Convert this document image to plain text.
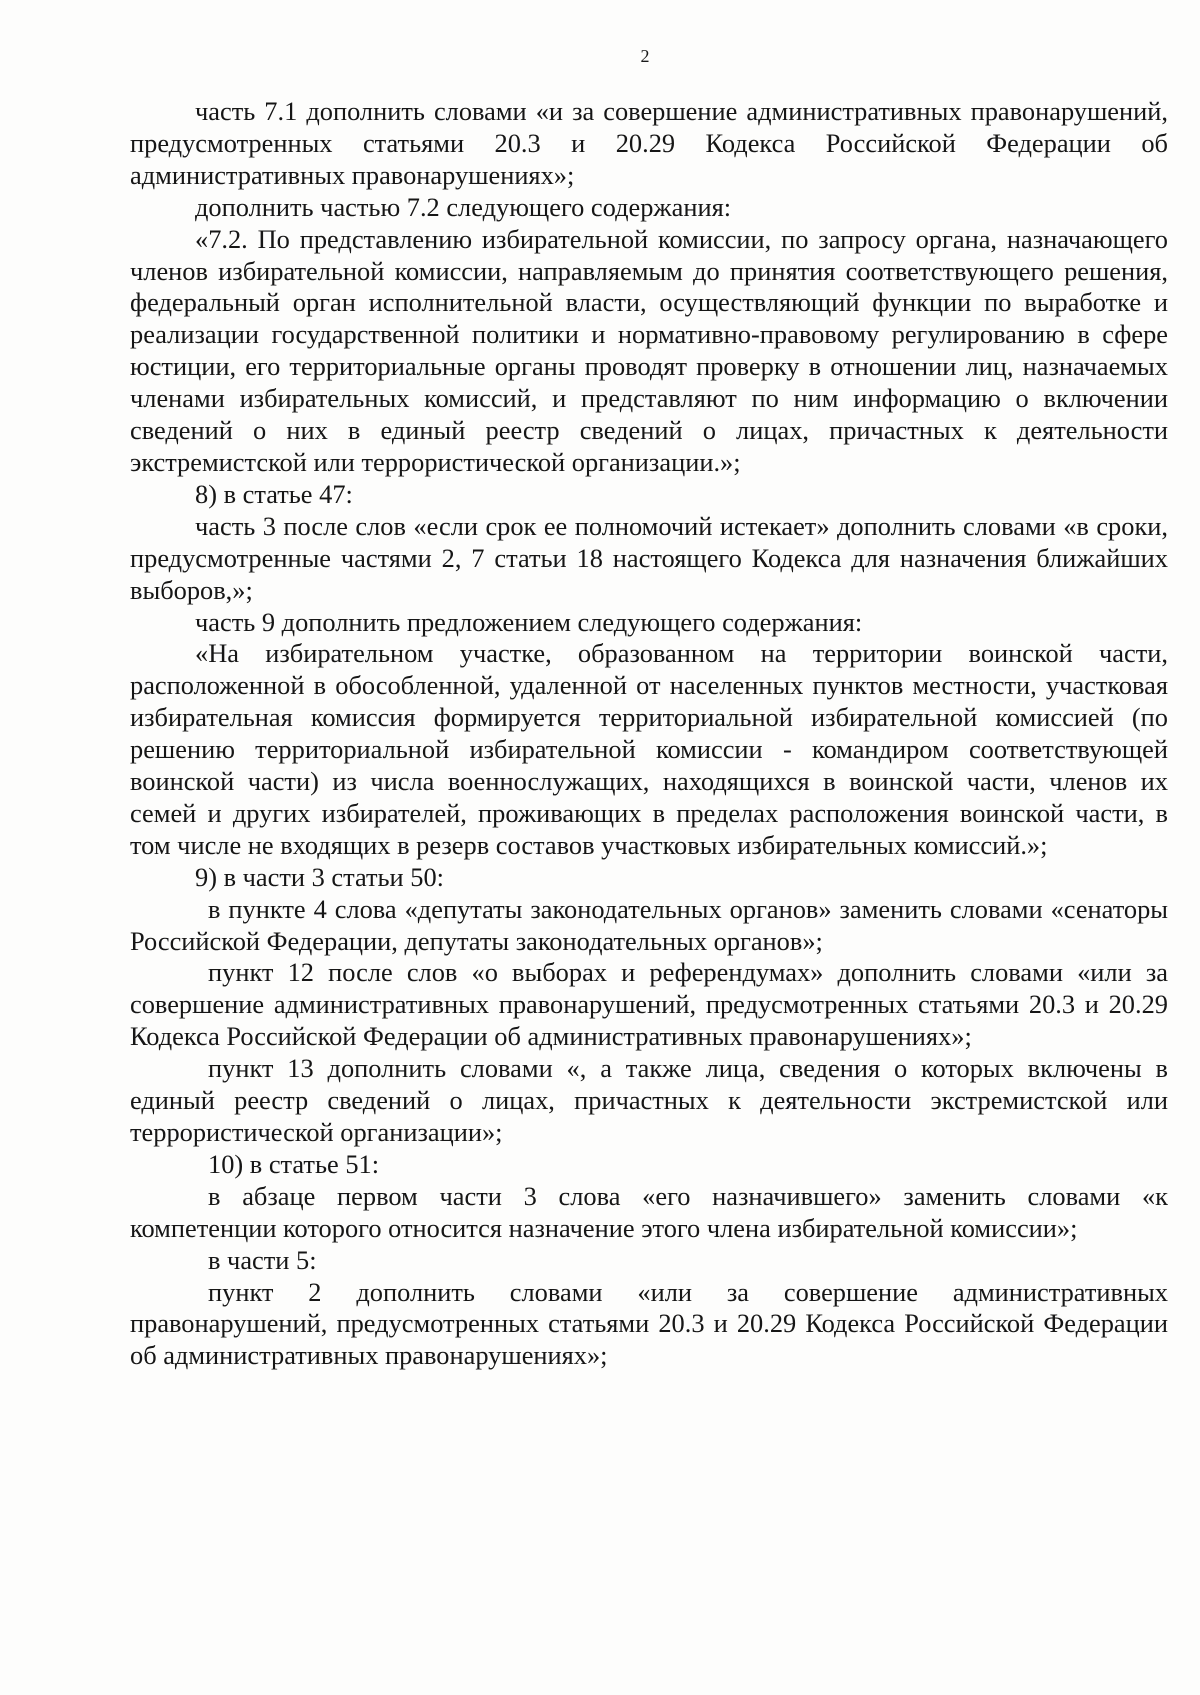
2

часть 7.1 дополнить словами «и за совершение административных правонарушений, предусмотренных статьями 20.3 и 20.29 Кодекса Российской Федерации об административных правонарушениях»;

дополнить частью 7.2 следующего содержания:

«7.2. По представлению избирательной комиссии, по запросу органа, назначающего членов избирательной комиссии, направляемым до принятия соответствующего решения, федеральный орган исполнительной власти, осуществляющий функции по выработке и реализации государственной политики и нормативно-правовому регулированию в сфере юстиции, его территориальные органы проводят проверку в отношении лиц, назначаемых членами избирательных комиссий, и представляют по ним информацию о включении сведений о них в единый реестр сведений о лицах, причастных к деятельности экстремистской или террористической организации.»;

8) в статье 47:

часть 3 после слов «если срок ее полномочий истекает» дополнить словами «в сроки, предусмотренные частями 2, 7 статьи 18 настоящего Кодекса для назначения ближайших выборов,»;

часть 9 дополнить предложением следующего содержания:

«На избирательном участке, образованном на территории воинской части, расположенной в обособленной, удаленной от населенных пунктов местности, участковая избирательная комиссия формируется территориальной избирательной комиссией (по решению территориальной избирательной комиссии - командиром соответствующей воинской части) из числа военнослужащих, находящихся в воинской части, членов их семей и других избирателей, проживающих в пределах расположения воинской части, в том числе не входящих в резерв составов участковых избирательных комиссий.»;

9) в части 3 статьи 50:

в пункте 4 слова «депутаты законодательных органов» заменить словами «сенаторы Российской Федерации, депутаты законодательных органов»;

пункт 12 после слов «о выборах и референдумах» дополнить словами «или за совершение административных правонарушений, предусмотренных статьями 20.3 и 20.29 Кодекса Российской Федерации об административных правонарушениях»;

пункт 13 дополнить словами «, а также лица, сведения о которых включены в единый реестр сведений о лицах, причастных к деятельности экстремистской или террористической организации»;

10) в статье 51:

в абзаце первом части 3 слова «его назначившего» заменить словами «к компетенции которого относится назначение этого члена избирательной комиссии»;

в части 5:

пункт 2 дополнить словами «или за совершение административных правонарушений, предусмотренных статьями 20.3 и 20.29 Кодекса Российской Федерации об административных правонарушениях»;
